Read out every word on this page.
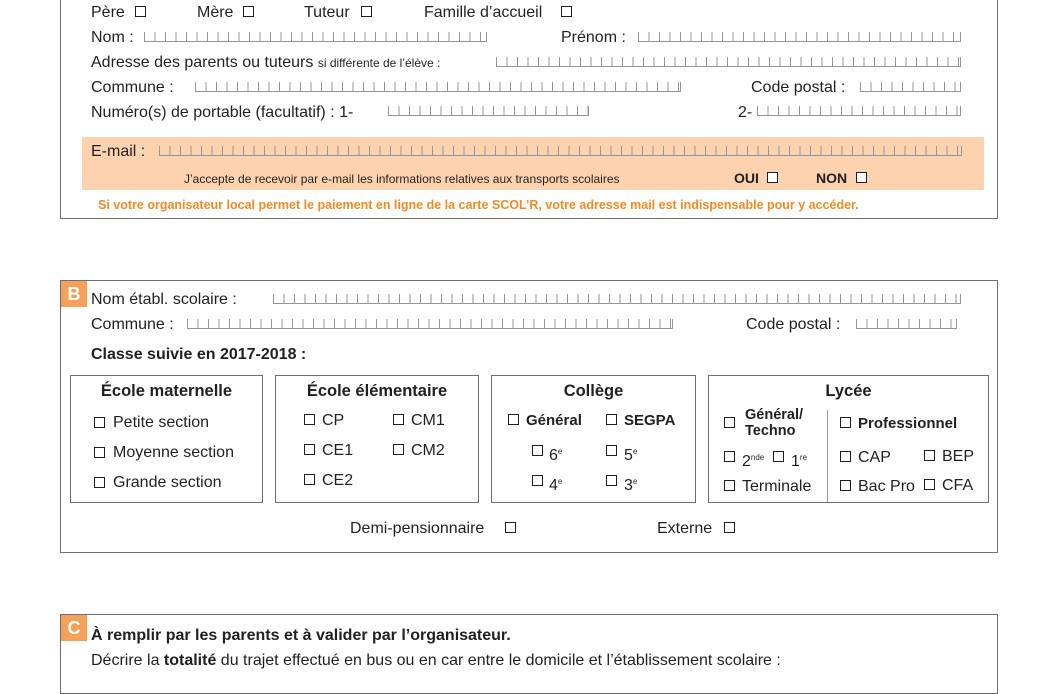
Père	Mère	Tuteur	Famille d’accueil
Nom :	Prénom :
Adresse des parents ou tuteurs si différente de l’élève :
Commune :	Code postal :
Numéro(s) de portable (facultatif) : 1-	2-
E-mail :
J’accepte de recevoir par e-mail les informations relatives aux transports scolaires	OUI	NON
Si votre organisateur local permet le paiement en ligne de la carte SCOL’R, votre adresse mail est indispensable pour y accéder.
B Nom établ. scolaire :
Commune :	Code postal :
Classe suivie en 2017-2018 :
École maternelle
Petite section
Moyenne section
Grande section
École élémentaire
CP	CM1
CE1	CM2
CE2
Collège
Général	SEGPA
6e	5e
4e	3e
Lycée
Général/ Techno	Professionnel
2nde 1re	CAP	BEP
Terminale	Bac Pro CFA
Demi-pensionnaire	Externe
C À remplir par les parents et à valider par l’organisateur.
Décrire la totalité du trajet effectué en bus ou en car entre le domicile et l’établissement scolaire :
